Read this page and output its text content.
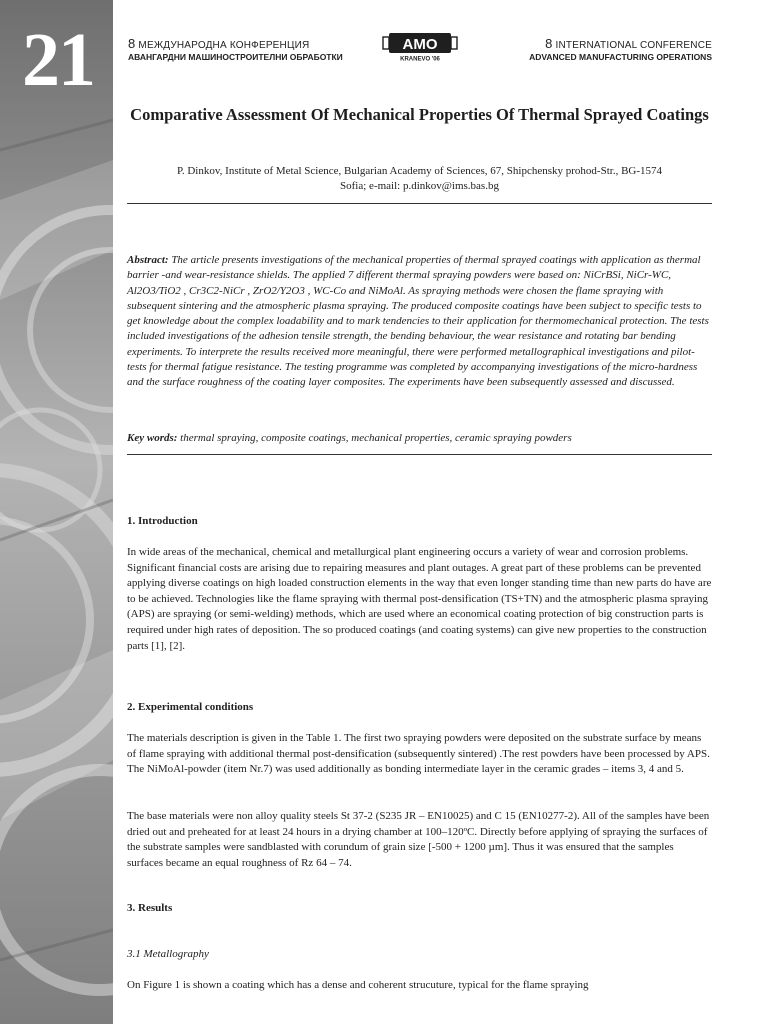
21	8 МЕЖДУНАРОДНА КОНФЕРЕНЦИЯ
АВАНГАРДНИ МАШИНОСТРОИТЕЛНИ ОБРАБОТКИ
АМО
KRANEVO '06
8 INTERNATIONAL CONFERENCE
ADVANCED MANUFACTURING OPERATIONS
Comparative Assessment Of Mechanical Properties Of Thermal Sprayed Coatings
P. Dinkov, Institute of Metal Science, Bulgarian Academy of Sciences, 67, Shipchensky prohod-Str., BG-1574
Sofia; e-mail: p.dinkov@ims.bas.bg
Abstract: The article presents investigations of the mechanical properties of thermal sprayed coatings with application as thermal barrier -and wear-resistance shields. The applied 7 different thermal spraying powders were based on: NiCrBSi, NiCr-WC, Al2O3/TiO2 , Cr3C2-NiCr , ZrO2/Y2O3 , WC-Co and NiMoAl. As spraying methods were chosen the flame spraying with subsequent sintering and the atmospheric plasma spraying. The produced composite coatings have been subject to specific tests to get knowledge about the complex loadability and to mark tendencies to their application for thermomechanical protection. The tests included investigations of the adhesion tensile strength, the bending behaviour, the wear resistance and rotating bar bending experiments. To interprete the results received more meaningful, there were performed metallographical investigations and pilot-tests for thermal fatigue resistance. The testing programme was completed by accompanying investigations of the micro-hardness and the surface roughness of the coating layer composites. The experiments have been subsequently assessed and discussed.
Key words: thermal spraying, composite coatings, mechanical properties, ceramic spraying powders
1. Introduction
In wide areas of the mechanical, chemical and metallurgical plant engineering occurs a variety of wear and corrosion problems. Significant financial costs are arising due to repairing measures and plant outages. A great part of these problems can be prevented applying diverse coatings on high loaded construction elements in the way that even longer standing time than new parts do have are to be achieved. Technologies like the flame spraying with thermal post-densification (TS+TN) and the atmospheric plasma spraying (APS) are spraying (or semi-welding) methods, which are used where an economical coating protection of big construction parts is required under high rates of deposition. The so produced coatings (and coating systems) can give new properties to the construction parts [1], [2].
2. Experimental conditions
The materials description is given in the Table 1. The first two spraying powders were deposited on the substrate surface by means of flame spraying with additional thermal post-densification (subsequently sintered) .The rest powders have been processed by APS. The NiMoAl-powder (item Nr.7) was used additionally as bonding intermediate layer in the ceramic grades – items 3, 4 and 5.
The base materials were non alloy quality steels St 37-2 (S235 JR – EN10025) and C 15 (EN10277-2). All of the samples have been dried out and preheated for at least 24 hours in a drying chamber at 100–120ºC. Directly before applying of spraying the surfaces of the substrate samples were sandblasted with corundum of grain size [-500 + 1200 µm]. Thus it was ensured that the samples surfaces became an equal roughness of Rz 64 – 74.
3. Results
3.1 Metallography
On Figure 1 is shown a coating which has a dense and coherent strucuture, typical for the flame spraying
